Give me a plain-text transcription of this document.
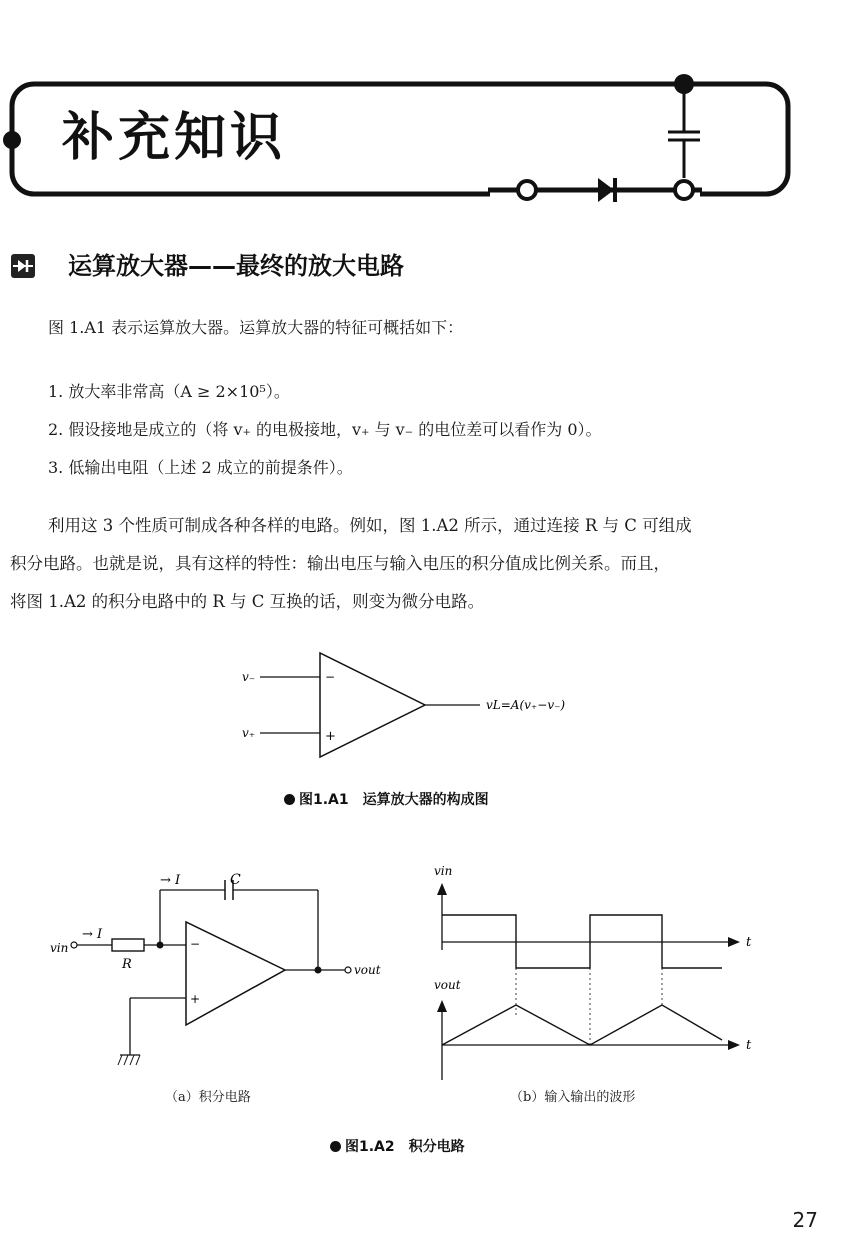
补充知识
运算放大器——最终的放大电路
图 1.A1 表示运算放大器。运算放大器的特征可概括如下：
1. 放大率非常高（A ≥ 2×10⁵）。
2. 假设接地是成立的（将 v₊ 的电极接地，v₊ 与 v₋ 的电位差可以看作为 0）。
3. 低输出电阻（上述 2 成立的前提条件）。
利用这 3 个性质可制成各种各样的电路。例如，图 1.A2 所示，通过连接 R 与 C 可组成
积分电路。也就是说，具有这样的特性：输出电压与输入电压的积分值成比例关系。而且，
将图 1.A2 的积分电路中的 R 与 C 互换的话，则变为微分电路。
v₋
v₊
−
+
vL=A(v₊−v₋)
图1.A1　运算放大器的构成图
→ I	C
→ I
vin
R
−
+
vout
vin
vout
t
t
（a）积分电路	（b）输入输出的波形
图1.A2　积分电路
27
